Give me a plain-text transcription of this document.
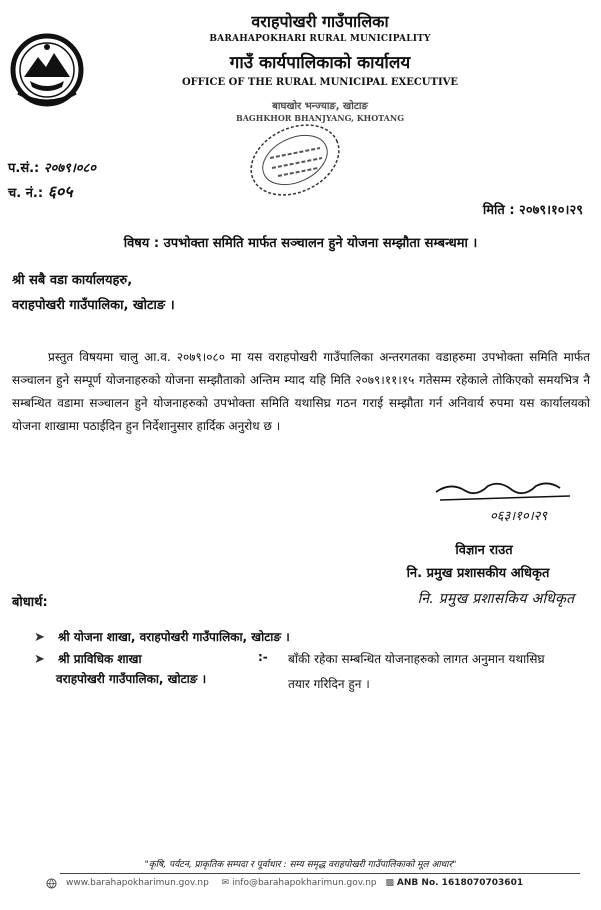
वराहपोखरी गाउँपालिका
BARAHAPOKHARI RURAL MUNICIPALITY
गाउँ कार्यपालिकाको कार्यालय
OFFICE OF THE RURAL MUNICIPAL EXECUTIVE
बाघखोर भन्ज्याङ, खोटाङ
BAGHKHOR BHANJYANG, KHOTANG
प.सं.: २०७९।०८०
च. नं.: ६०५
मिति : २०७९।१०।२९
विषय : उपभोक्ता समिति मार्फत सञ्चालन हुने योजना सम्झौता सम्बन्धमा ।
श्री सबै वडा कार्यालयहरु,
वराहपोखरी गाउँपालिका, खोटाङ ।
प्रस्तुत विषयमा चालु आ.व. २०७९।०८० मा यस वराहपोखरी गाउँपालिका अन्तरगतका वडाहरुमा उपभोक्ता समिति मार्फत सञ्चालन हुने सम्पूर्ण योजनाहरुको योजना सम्झौताको अन्तिम म्याद यहि मिति २०७९।११।१५ गतेसम्म रहेकाले तोकिएको समयभित्र नै सम्बन्धित वडामा सञ्चालन हुने योजनाहरुको उपभोक्ता समिति यथासिघ्र गठन गराई सम्झौता गर्न अनिवार्य रुपमा यस कार्यालयको योजना शाखामा पठाईदिन हुन निर्देशानुसार हार्दिक अनुरोध छ ।
०६३।१०।२९
विज्ञान राउत
नि. प्रमुख प्रशासकीय अधिकृत
नि. प्रमुख प्रशासकिय अधिकृत
बोधार्थ:
➤ श्री योजना शाखा, वराहपोखरी गाउँपालिका, खोटाङ ।
➤ श्री प्राविधिक शाखा
वराहपोखरी गाउँपालिका, खोटाङ ।
:- बाँकी रहेका सम्बन्धित योजनाहरुको लागत अनुमान यथासिघ्र
तयार गरिदिन हुन ।
"कृषि, पर्यटन, प्राकृतिक सम्पदा र पूर्वाधार : सम्य समृद्ध वराहपोखरी गाउँपालिकाको मूल आधार"
www.barahapokharimun.gov.np ✉ info@barahapokharimun.gov.np ▩ ANB No. 1618070703601
